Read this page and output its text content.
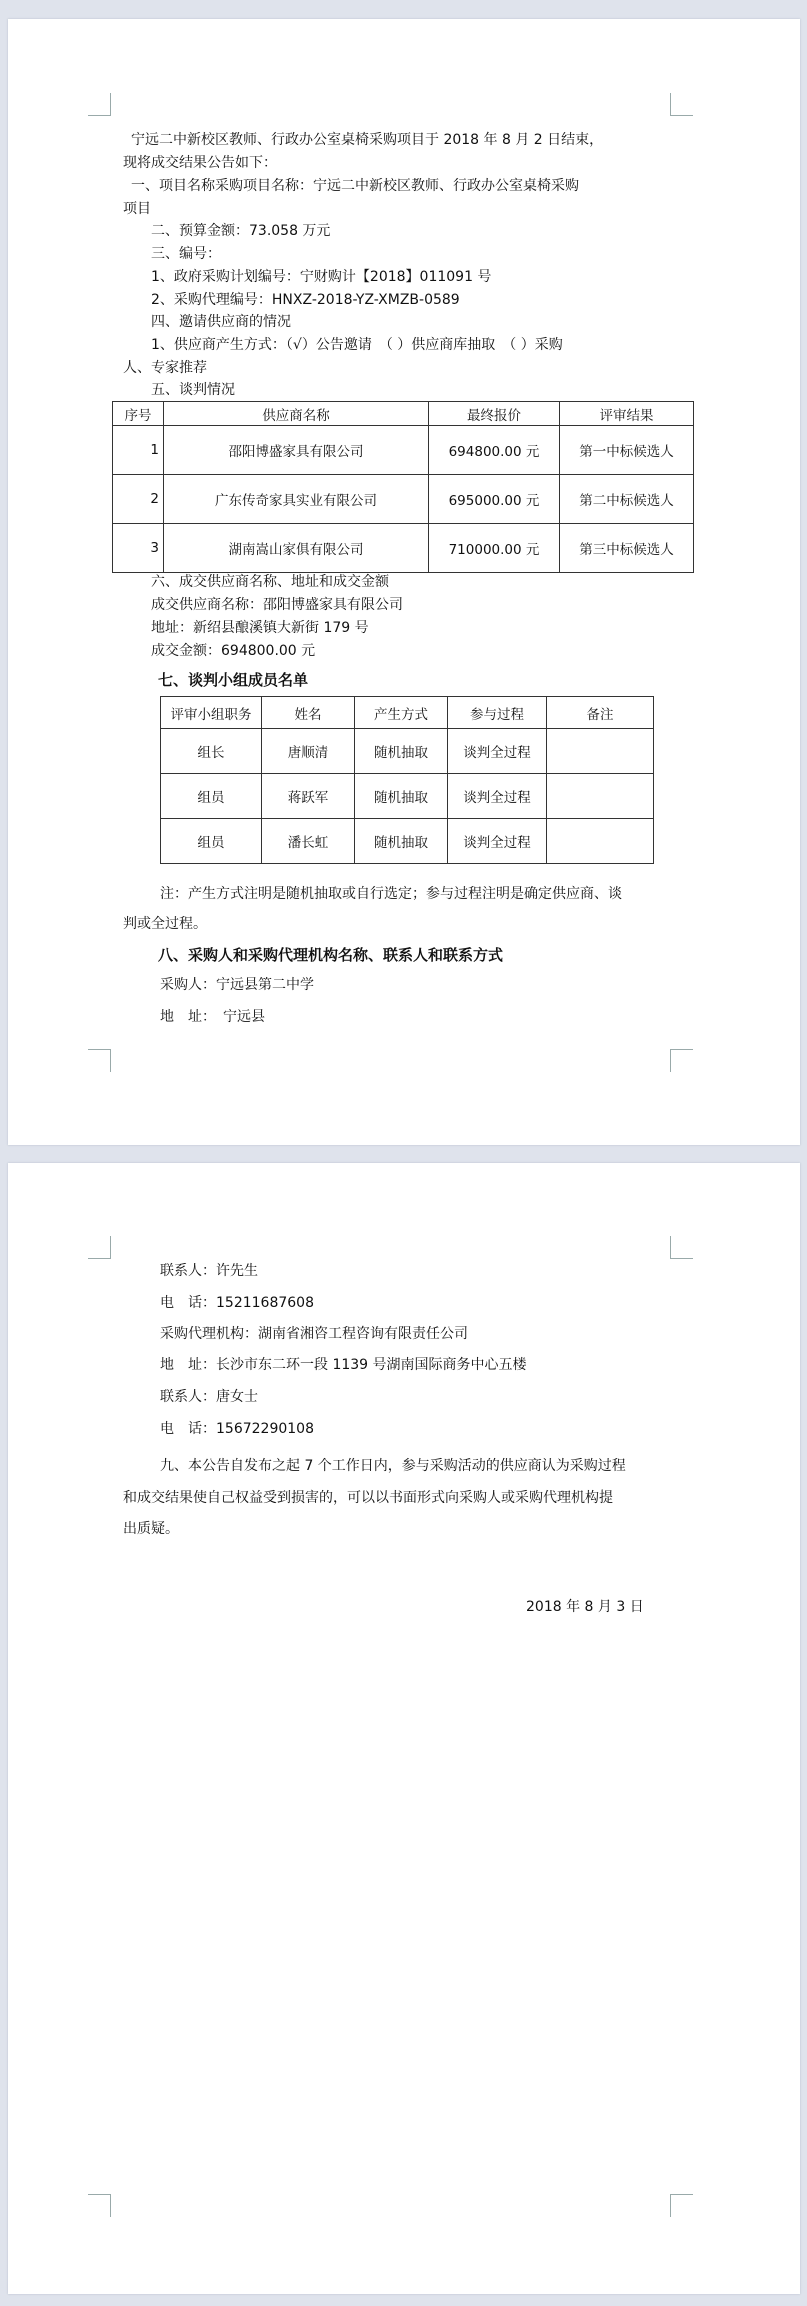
宁远二中新校区教师、行政办公室桌椅采购项目于 2018 年 8 月 2 日结束，
现将成交结果公告如下：
一、项目名称采购项目名称：宁远二中新校区教师、行政办公室桌椅采购
项目
二、预算金额：73.058 万元
三、编号：
1、政府采购计划编号：宁财购计【2018】011091 号
2、采购代理编号：HNXZ-2018-YZ-XMZB-0589
四、邀请供应商的情况
1、供应商产生方式：（√）公告邀请　（ ）供应商库抽取　（ ）采购
人、专家推荐
五、谈判情况
序号	供应商名称	最终报价	评审结果
1	邵阳博盛家具有限公司	694800.00 元	第一中标候选人
2	广东传奇家具实业有限公司	695000.00 元	第二中标候选人
3	湖南嵩山家俱有限公司	710000.00 元	第三中标候选人
六、成交供应商名称、地址和成交金额
成交供应商名称：邵阳博盛家具有限公司
地址：新绍县酿溪镇大新街 179 号
成交金额：694800.00 元
七、谈判小组成员名单
评审小组职务	姓名	产生方式	参与过程	备注
组长	唐顺清	随机抽取	谈判全过程	
组员	蒋跃军	随机抽取	谈判全过程	
组员	潘长虹	随机抽取	谈判全过程	
注：产生方式注明是随机抽取或自行选定；参与过程注明是确定供应商、谈
判或全过程。
八、采购人和采购代理机构名称、联系人和联系方式
采购人：宁远县第二中学
地　址：　宁远县
联系人：许先生
电　话：15211687608
采购代理机构：湖南省湘咨工程咨询有限责任公司
地　址：长沙市东二环一段 1139 号湖南国际商务中心五楼
联系人：唐女士
电　话：15672290108
九、本公告自发布之起 7 个工作日内，参与采购活动的供应商认为采购过程
和成交结果使自己权益受到损害的，可以以书面形式向采购人或采购代理机构提
出质疑。
2018 年 8 月 3 日
